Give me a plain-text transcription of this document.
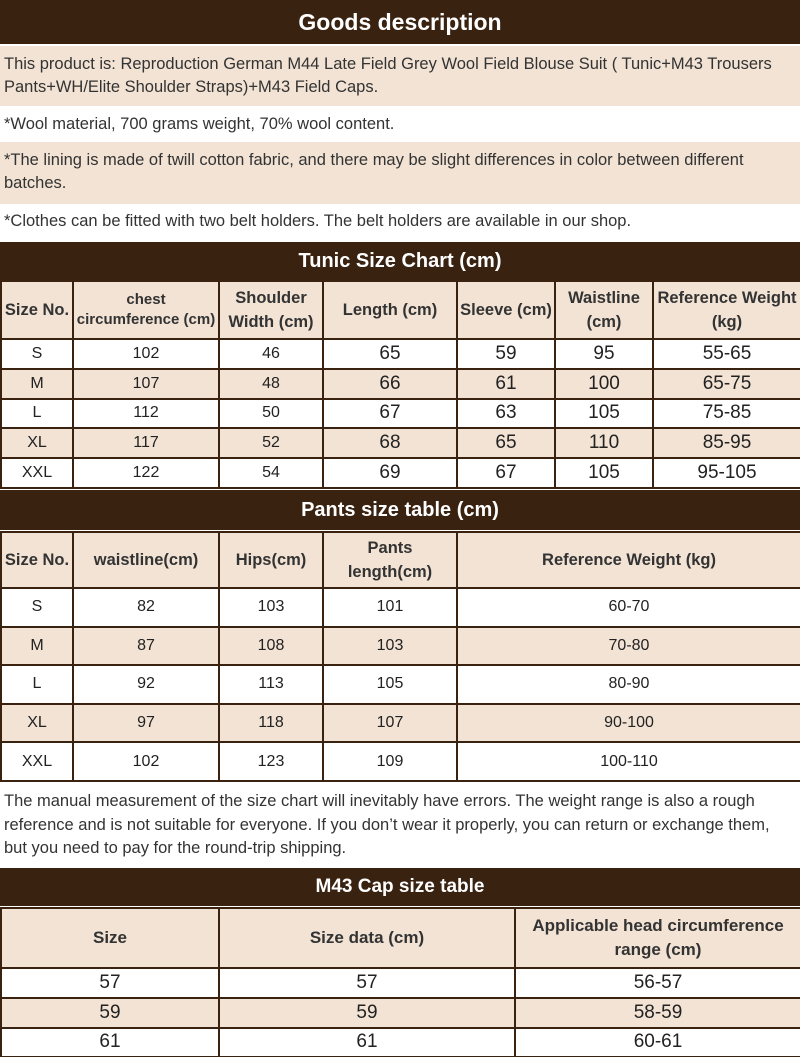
Goods description
This product is: Reproduction German M44 Late Field Grey Wool Field Blouse Suit ( Tunic+M43 Trousers Pants+WH/Elite Shoulder Straps)+M43 Field Caps.
*Wool material, 700 grams weight, 70% wool content.
*The lining is made of twill cotton fabric, and there may be slight differences in color between different batches.
*Clothes can be fitted with two belt holders. The belt holders are available in our shop.
Tunic Size Chart (cm)
Size No.	chest circumference (cm)	Shoulder Width (cm)	Length (cm)	Sleeve (cm)	Waistline (cm)	Reference Weight (kg)
S	102	46	65	59	95	55-65
M	107	48	66	61	100	65-75
L	112	50	67	63	105	75-85
XL	117	52	68	65	110	85-95
XXL	122	54	69	67	105	95-105
Pants size table (cm)
Size No.	waistline(cm)	Hips(cm)	Pants length(cm)	Reference Weight (kg)
S	82	103	101	60-70
M	87	108	103	70-80
L	92	113	105	80-90
XL	97	118	107	90-100
XXL	102	123	109	100-110
The manual measurement of the size chart will inevitably have errors. The weight range is also a rough reference and is not suitable for everyone. If you don’t wear it properly, you can return or exchange them, but you need to pay for the round-trip shipping.
M43 Cap size table
Size	Size data (cm)	Applicable head circumference range (cm)
57	57	56-57
59	59	58-59
61	61	60-61
